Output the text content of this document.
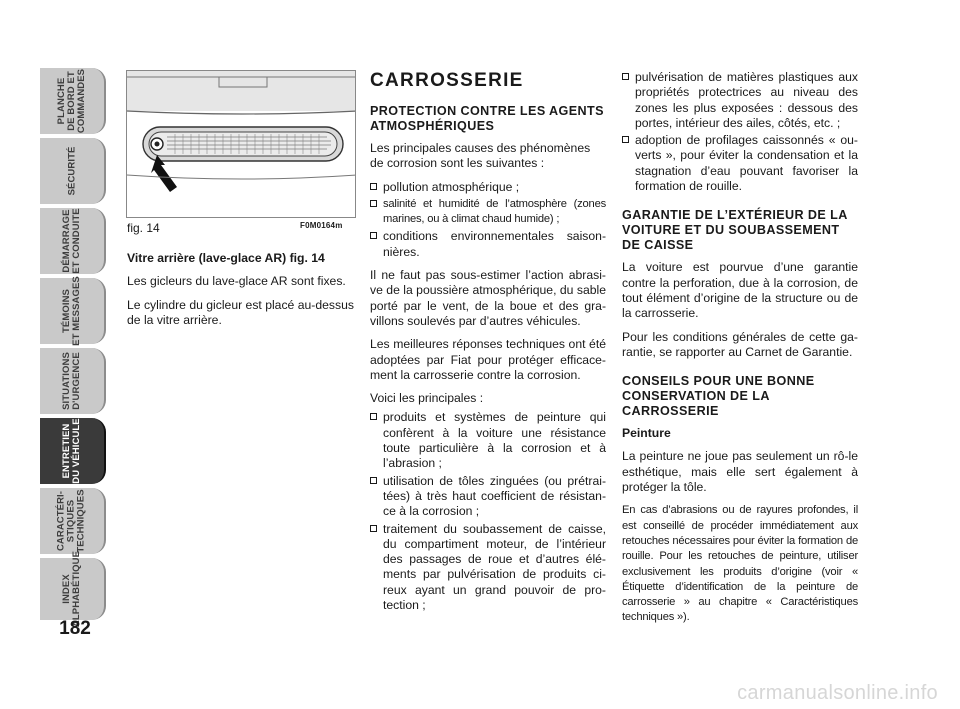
PLANCHE
DE BORD ET
COMMANDES
SÉCURITÉ
DÉMARRAGE
ET CONDUITE
TÉMOINS
ET MESSAGES
SITUATIONS
D'URGENCE
ENTRETIEN
DU VÉHICULE
CARACTÉRI-
STIQUES
TECHNIQUES
INDEX
ALPHABÉTIQUE
182
fig. 14	F0M0164m

Vitre arrière (lave-glace AR) fig. 14

Les gicleurs du lave-glace AR sont fixes.

Le cylindre du gicleur est placé au-dessus de la vitre arrière.

CARROSSERIE
PROTECTION CONTRE LES AGENTS ATMOSPHÉRIQUES

Les principales causes des phénomènes de corrosion sont les suivantes :

pollution atmosphérique ;
salinité et humidité de l’atmosphère (zones marines, ou à climat chaud humide) ;
conditions environnementales saison-nières.

Il ne faut pas sous-estimer l’action abrasi-ve de la poussière atmosphérique, du sable porté par le vent, de la boue et des gra-villons soulevés par d’autres véhicules.

Les meilleures réponses techniques ont été adoptées par Fiat pour protéger efficace-ment la carrosserie contre la corrosion.

Voici les principales :

produits et systèmes de peinture qui confèrent à la voiture une résistance toute particulière à la corrosion et à l’abrasion ;
utilisation de tôles zinguées (ou prétrai-tées) à très haut coefficient de résistan-ce à la corrosion ;
traitement du soubassement de caisse, du compartiment moteur, de l’intérieur des passages de roue et d’autres élé-ments par pulvérisation de produits ci-reux ayant un grand pouvoir de pro-tection ;
pulvérisation de matières plastiques aux propriétés protectrices au niveau des zones les plus exposées : dessous des portes, intérieur des ailes, côtés, etc. ;
adoption de profilages caissonnés « ou-verts », pour éviter la condensation et la stagnation d’eau pouvant favoriser la formation de rouille.
GARANTIE DE L’EXTÉRIEUR DE LA VOITURE ET DU SOUBASSEMENT DE CAISSE

La voiture est pourvue d’une garantie contre la perforation, due à la corrosion, de tout élément d’origine de la structure ou de la carrosserie.

Pour les conditions générales de cette ga-rantie, se rapporter au Carnet de Garantie.

CONSEILS POUR UNE BONNE CONSERVATION DE LA CARROSSERIE

Peinture

La peinture ne joue pas seulement un rô-le esthétique, mais elle sert également à protéger la tôle.

En cas d’abrasions ou de rayures profondes, il est conseillé de procéder immédiatement aux retouches nécessaires pour éviter la formation de rouille. Pour les retouches de peinture, utiliser exclusivement les produits d’origine (voir « Étiquette d’identification de la peinture de carrosserie » au chapitre « Caractéristiques techniques »).

carmanualsonline.info
